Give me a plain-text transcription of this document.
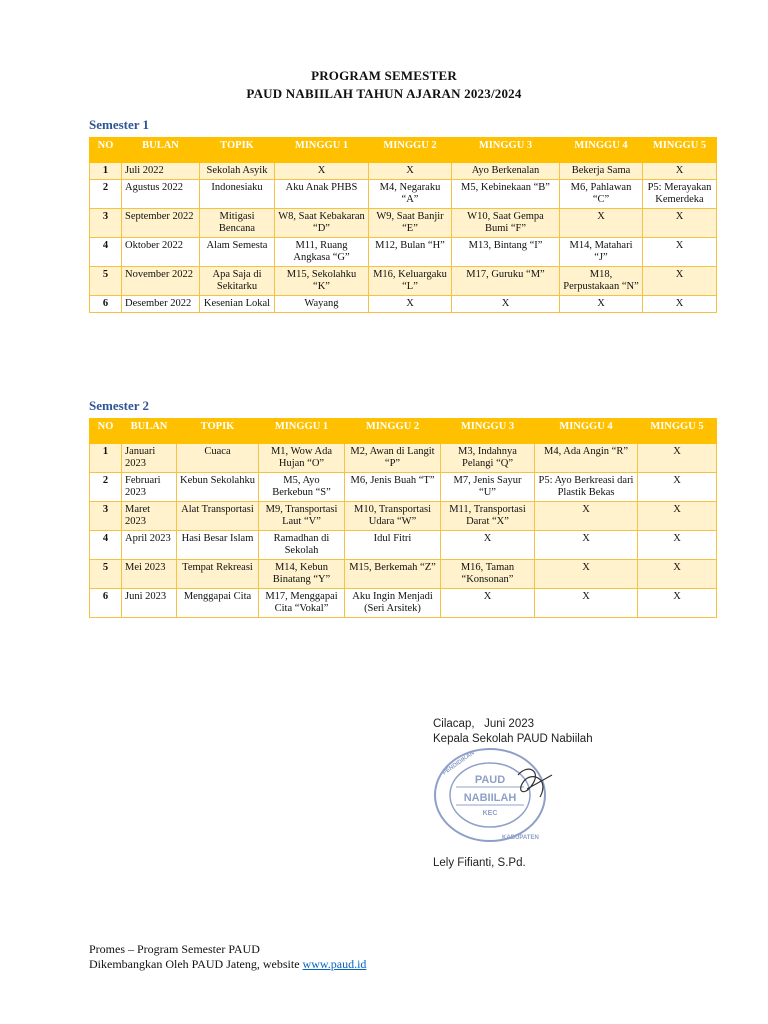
PROGRAM SEMESTER
PAUD NABIILAH TAHUN AJARAN 2023/2024
Semester 1
NO	BULAN	TOPIK	MINGGU 1	MINGGU 2	MINGGU 3	MINGGU 4	MINGGU 5
1	Juli 2022	Sekolah Asyik	X	X	Ayo Berkenalan	Bekerja Sama	X
2	Agustus 2022	Indonesiaku	Aku Anak PHBS	M4, Negaraku “A”	M5, Kebinekaan “B”	M6, Pahlawan “C”	P5: Merayakan Kemerdeka
3	September 2022	Mitigasi Bencana	W8, Saat Kebakaran “D”	W9, Saat Banjir “E”	W10, Saat Gempa Bumi “F”	X	X
4	Oktober 2022	Alam Semesta	M11, Ruang Angkasa “G”	M12, Bulan “H”	M13, Bintang “I”	M14, Matahari “J”	X
5	November 2022	Apa Saja di Sekitarku	M15, Sekolahku “K”	M16, Keluargaku “L”	M17, Guruku “M”	M18, Perpustakaan “N”	X
6	Desember 2022	Kesenian Lokal	Wayang	X	X	X	X
Semester 2
NO	BULAN	TOPIK	MINGGU 1	MINGGU 2	MINGGU 3	MINGGU 4	MINGGU 5
1	Januari 2023	Cuaca	M1, Wow Ada Hujan “O”	M2, Awan di Langit “P”	M3, Indahnya Pelangi “Q”	M4, Ada Angin “R”	X
2	Februari 2023	Kebun Sekolahku	M5, Ayo Berkebun “S”	M6, Jenis Buah “T”	M7, Jenis Sayur “U”	P5: Ayo Berkreasi dari Plastik Bekas	X
3	Maret 2023	Alat Transportasi	M9, Transportasi Laut “V”	M10, Transportasi Udara “W”	M11, Transportasi Darat “X”	X	X
4	April 2023	Hasi Besar Islam	Ramadhan di Sekolah	Idul Fitri	X	X	X
5	Mei 2023	Tempat Rekreasi	M14, Kebun Binatang “Y”	M15, Berkemah “Z”	M16, Taman “Konsonan”	X	X
6	Juni 2023	Menggapai Cita	M17, Menggapai Cita “Vokal”	Aku Ingin Menjadi (Seri Arsitek)	X	X	X
Cilacap,   Juni 2023
Kepala Sekolah PAUD Nabiilah
PAUD
NABIILAH
KEC
PENDIDIKAN
KABUPATEN
Lely Fifianti, S.Pd.
Promes – Program Semester PAUD
Dikembangkan Oleh PAUD Jateng, website www.paud.id
